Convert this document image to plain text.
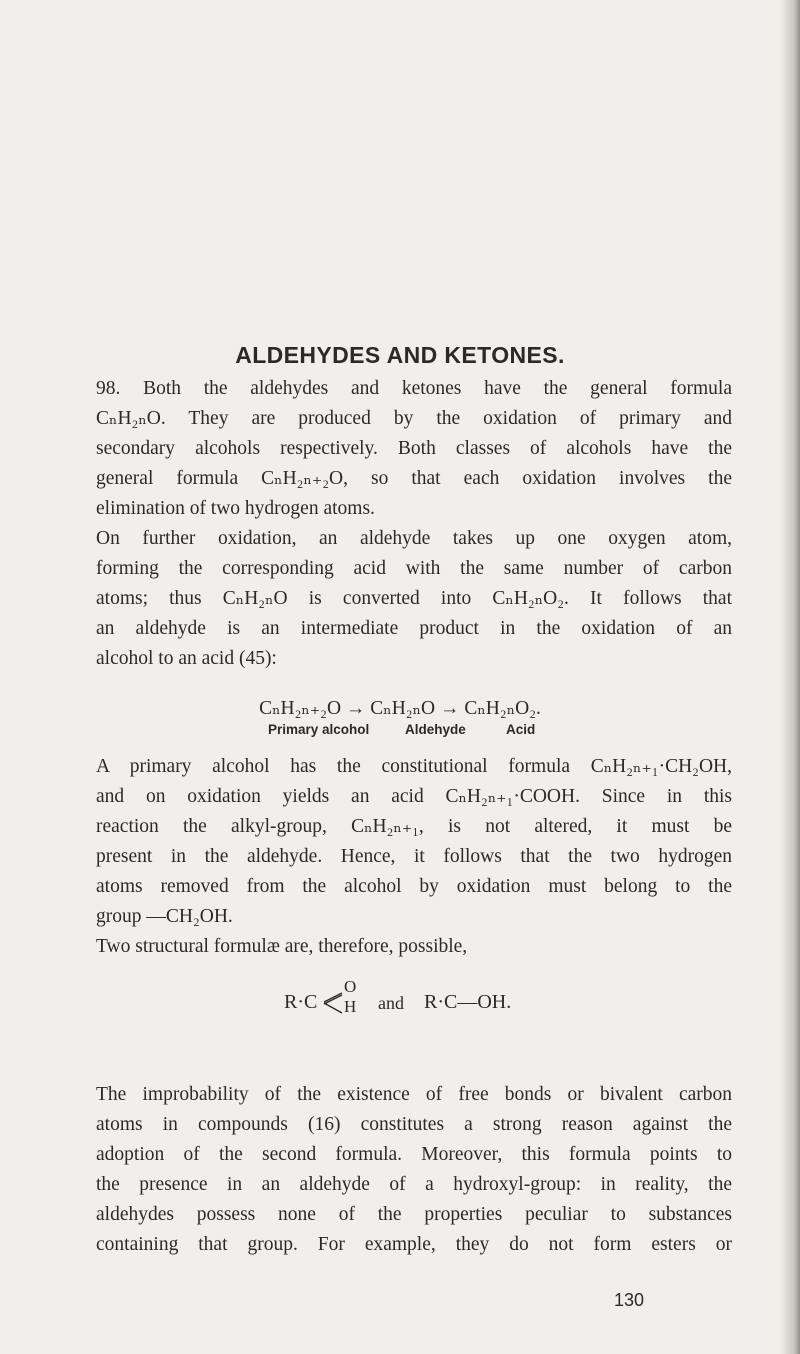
ALDEHYDES AND KETONES.
98. Both the aldehydes and ketones have the general formula
CₙH₂ₙO. They are produced by the oxidation of primary and
secondary alcohols respectively. Both classes of alcohols have the
general formula CₙH₂ₙ₊₂O, so that each oxidation involves the
elimination of two hydrogen atoms.
On further oxidation, an aldehyde takes up one oxygen atom,
forming the corresponding acid with the same number of carbon
atoms; thus CₙH₂ₙO is converted into CₙH₂ₙO₂. It follows that
an aldehyde is an intermediate product in the oxidation of an
alcohol to an acid (45):
CₙH₂ₙ₊₂O → CₙH₂ₙO → CₙH₂ₙO₂.
Primary alcohol	Aldehyde	Acid
A primary alcohol has the constitutional formula CₙH₂ₙ₊₁·CH₂OH,
and on oxidation yields an acid CₙH₂ₙ₊₁·COOH. Since in this
reaction the alkyl-group, CₙH₂ₙ₊₁, is not altered, it must be
present in the aldehyde. Hence, it follows that the two hydrogen
atoms removed from the alcohol by oxidation must belong to the
group —CH₂OH.
Two structural formulæ are, therefore, possible,
R·C
O
H and R·C—OH.
The improbability of the existence of free bonds or bivalent carbon
atoms in compounds (16) constitutes a strong reason against the
adoption of the second formula. Moreover, this formula points to
the presence in an aldehyde of a hydroxyl-group: in reality, the
aldehydes possess none of the properties peculiar to substances
containing that group. For example, they do not form esters or
130
